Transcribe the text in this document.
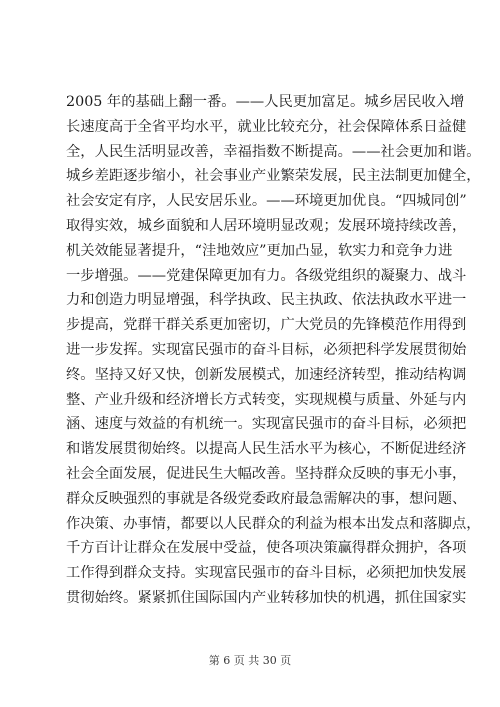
2005 年的基础上翻一番。——人民更加富足。城乡居民收入增
长速度高于全省平均水平，就业比较充分，社会保障体系日益健
全，人民生活明显改善，幸福指数不断提高。——社会更加和谐。
城乡差距逐步缩小，社会事业产业繁荣发展，民主法制更加健全，
社会安定有序，人民安居乐业。——环境更加优良。“四城同创”
取得实效，城乡面貌和人居环境明显改观；发展环境持续改善，
机关效能显著提升，“洼地效应”更加凸显，软实力和竞争力进
一步增强。——党建保障更加有力。各级党组织的凝聚力、战斗
力和创造力明显增强，科学执政、民主执政、依法执政水平进一
步提高，党群干群关系更加密切，广大党员的先锋模范作用得到
进一步发挥。实现富民强市的奋斗目标，必须把科学发展贯彻始
终。坚持又好又快，创新发展模式，加速经济转型，推动结构调
整、产业升级和经济增长方式转变，实现规模与质量、外延与内
涵、速度与效益的有机统一。实现富民强市的奋斗目标，必须把
和谐发展贯彻始终。以提高人民生活水平为核心，不断促进经济
社会全面发展，促进民生大幅改善。坚持群众反映的事无小事，
群众反映强烈的事就是各级党委政府最急需解决的事，想问题、
作决策、办事情，都要以人民群众的利益为根本出发点和落脚点，
千方百计让群众在发展中受益，使各项决策赢得群众拥护，各项
工作得到群众支持。实现富民强市的奋斗目标，必须把加快发展
贯彻始终。紧紧抓住国际国内产业转移加快的机遇，抓住国家实
第 6 页 共 30 页
